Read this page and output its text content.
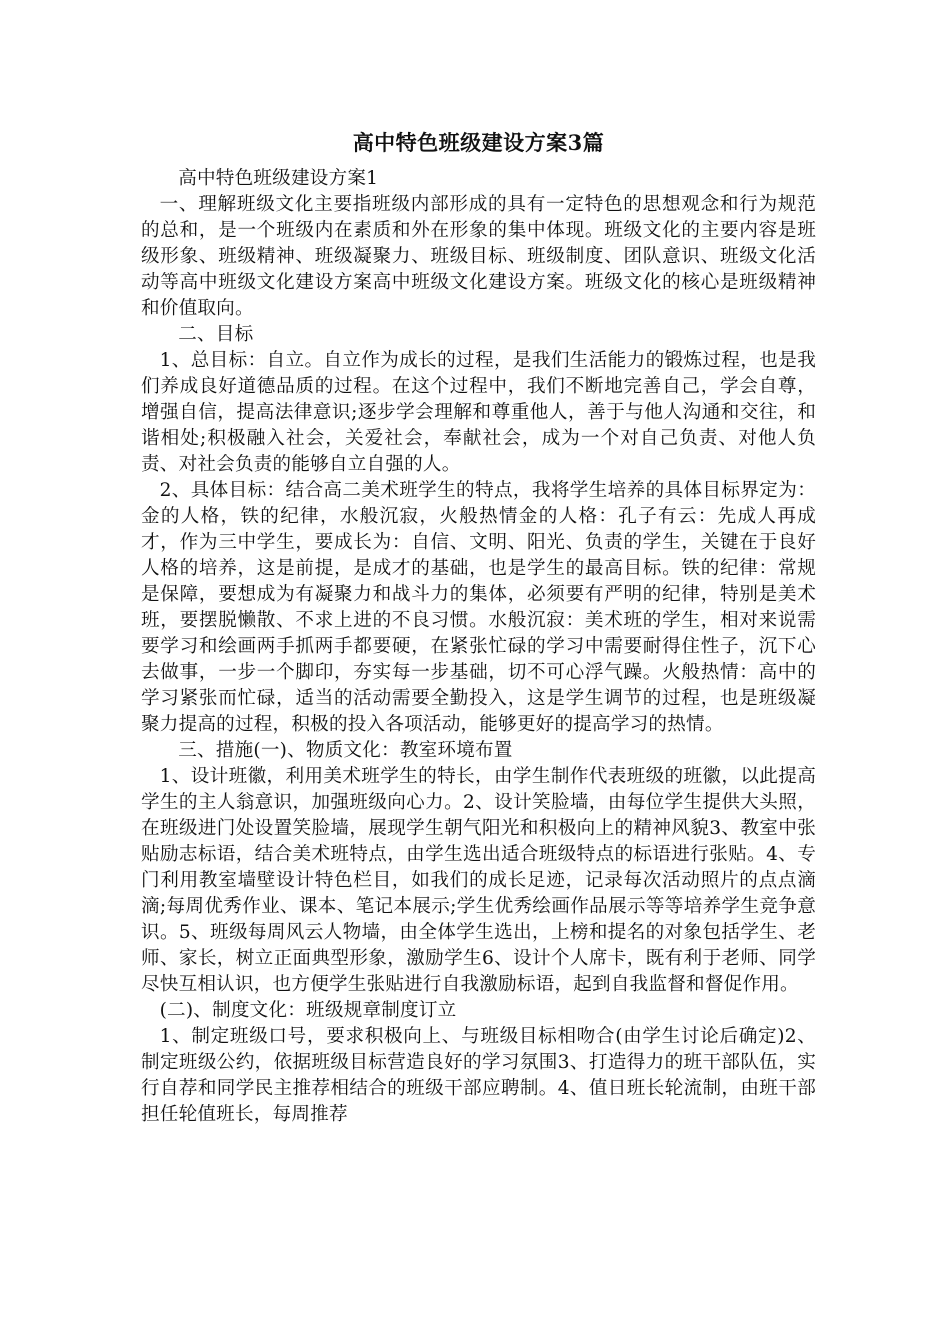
高中特色班级建设方案3篇

高中特色班级建设方案1

一、理解班级文化主要指班级内部形成的具有一定特色的思想观念和行为规范的总和，是一个班级内在素质和外在形象的集中体现。班级文化的主要内容是班级形象、班级精神、班级凝聚力、班级目标、班级制度、团队意识、班级文化活动等高中班级文化建设方案高中班级文化建设方案。班级文化的核心是班级精神和价值取向。

二、目标

1、总目标：自立。自立作为成长的过程，是我们生活能力的锻炼过程，也是我们养成良好道德品质的过程。在这个过程中，我们不断地完善自己，学会自尊，增强自信，提高法律意识;逐步学会理解和尊重他人，善于与他人沟通和交往，和谐相处;积极融入社会，关爱社会，奉献社会，成为一个对自己负责、对他人负责、对社会负责的能够自立自强的人。

2、具体目标：结合高二美术班学生的特点，我将学生培养的具体目标界定为：金的人格，铁的纪律，水般沉寂，火般热情金的人格：孔子有云：先成人再成才，作为三中学生，要成长为：自信、文明、阳光、负责的学生，关键在于良好人格的培养，这是前提，是成才的基础，也是学生的最高目标。铁的纪律：常规是保障，要想成为有凝聚力和战斗力的集体，必须要有严明的纪律，特别是美术班，要摆脱懒散、不求上进的不良习惯。水般沉寂：美术班的学生，相对来说需要学习和绘画两手抓两手都要硬，在紧张忙碌的学习中需要耐得住性子，沉下心去做事，一步一个脚印，夯实每一步基础，切不可心浮气躁。火般热情：高中的学习紧张而忙碌，适当的活动需要全勤投入，这是学生调节的过程，也是班级凝聚力提高的过程，积极的投入各项活动，能够更好的提高学习的热情。

三、措施(一)、物质文化：教室环境布置

1、设计班徽，利用美术班学生的特长，由学生制作代表班级的班徽，以此提高学生的主人翁意识，加强班级向心力。2、设计笑脸墙，由每位学生提供大头照，在班级进门处设置笑脸墙，展现学生朝气阳光和积极向上的精神风貌3、教室中张贴励志标语，结合美术班特点，由学生选出适合班级特点的标语进行张贴。4、专门利用教室墙壁设计特色栏目，如我们的成长足迹，记录每次活动照片的点点滴滴;每周优秀作业、课本、笔记本展示;学生优秀绘画作品展示等等培养学生竞争意识。5、班级每周风云人物墙，由全体学生选出，上榜和提名的对象包括学生、老师、家长，树立正面典型形象，激励学生6、设计个人席卡，既有利于老师、同学尽快互相认识，也方便学生张贴进行自我激励标语，起到自我监督和督促作用。

(二)、制度文化：班级规章制度订立

1、制定班级口号，要求积极向上、与班级目标相吻合(由学生讨论后确定)2、制定班级公约，依据班级目标营造良好的学习氛围3、打造得力的班干部队伍，实行自荐和同学民主推荐相结合的班级干部应聘制。4、值日班长轮流制，由班干部担任轮值班长，每周推荐
